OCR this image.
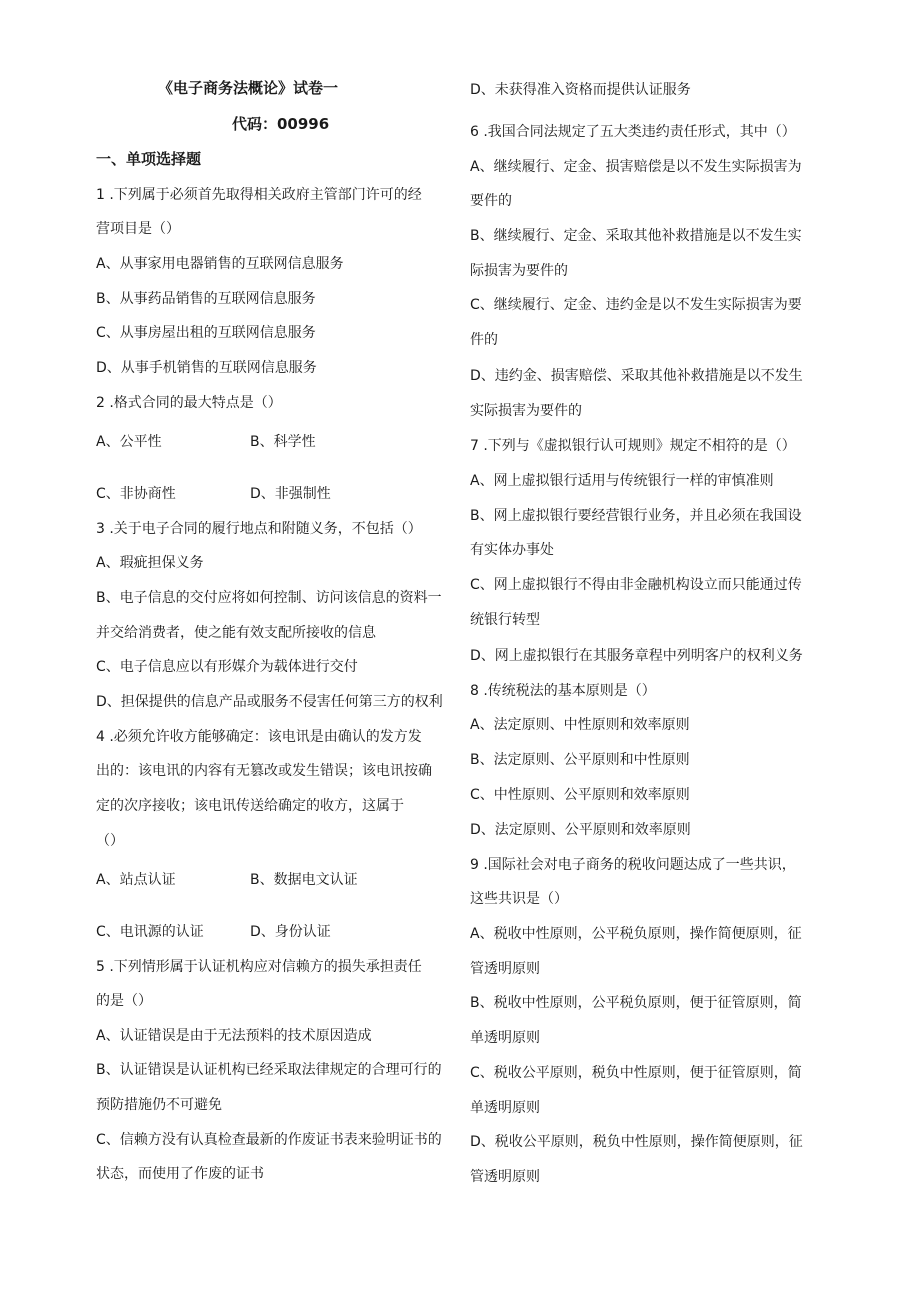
《电子商务法概论》试卷一
代码：00996
一、单项选择题
1 .下列属于必须首先取得相关政府主管部门许可的经
营项目是（）
A、从事家用电器销售的互联网信息服务
B、从事药品销售的互联网信息服务
C、从事房屋出租的互联网信息服务
D、从事手机销售的互联网信息服务
2 .格式合同的最大特点是（）
A、公平性	B、科学性
C、非协商性	D、非强制性
3 .关于电子合同的履行地点和附随义务，不包括（）
A、瑕疵担保义务
B、电子信息的交付应将如何控制、访问该信息的资料一
并交给消费者，使之能有效支配所接收的信息
C、电子信息应以有形媒介为载体进行交付
D、担保提供的信息产品或服务不侵害任何第三方的权利
4 .必须允许收方能够确定：该电讯是由确认的发方发
出的：该电讯的内容有无篡改或发生错误；该电讯按确
定的次序接收；该电讯传送给确定的收方，这属于
（）
A、站点认证	B、数据电文认证
C、电讯源的认证	D、身份认证
5 .下列情形属于认证机构应对信赖方的损失承担责任
的是（）
A、认证错误是由于无法预料的技术原因造成
B、认证错误是认证机构已经采取法律规定的合理可行的
预防措施仍不可避免
C、信赖方没有认真检查最新的作废证书表来验明证书的
状态，而使用了作废的证书
D、未获得准入资格而提供认证服务
6 .我国合同法规定了五大类违约责任形式，其中（）
A、继续履行、定金、损害赔偿是以不发生实际损害为
要件的
B、继续履行、定金、采取其他补救措施是以不发生实
际损害为要件的
C、继续履行、定金、违约金是以不发生实际损害为要
件的
D、违约金、损害赔偿、采取其他补救措施是以不发生
实际损害为要件的
7 .下列与《虚拟银行认可规则》规定不相符的是（）
A、网上虚拟银行适用与传统银行一样的审慎准则
B、网上虚拟银行要经营银行业务，并且必须在我国设
有实体办事处
C、网上虚拟银行不得由非金融机构设立而只能通过传
统银行转型
D、网上虚拟银行在其服务章程中列明客户的权利义务
8 .传统税法的基本原则是（）
A、法定原则、中性原则和效率原则
B、法定原则、公平原则和中性原则
C、中性原则、公平原则和效率原则
D、法定原则、公平原则和效率原则
9 .国际社会对电子商务的税收问题达成了一些共识，
这些共识是（）
A、税收中性原则，公平税负原则，操作简便原则，征
管透明原则
B、税收中性原则，公平税负原则，便于征管原则，简
单透明原则
C、税收公平原则，税负中性原则，便于征管原则，简
单透明原则
D、税收公平原则，税负中性原则，操作简便原则，征
管透明原则
